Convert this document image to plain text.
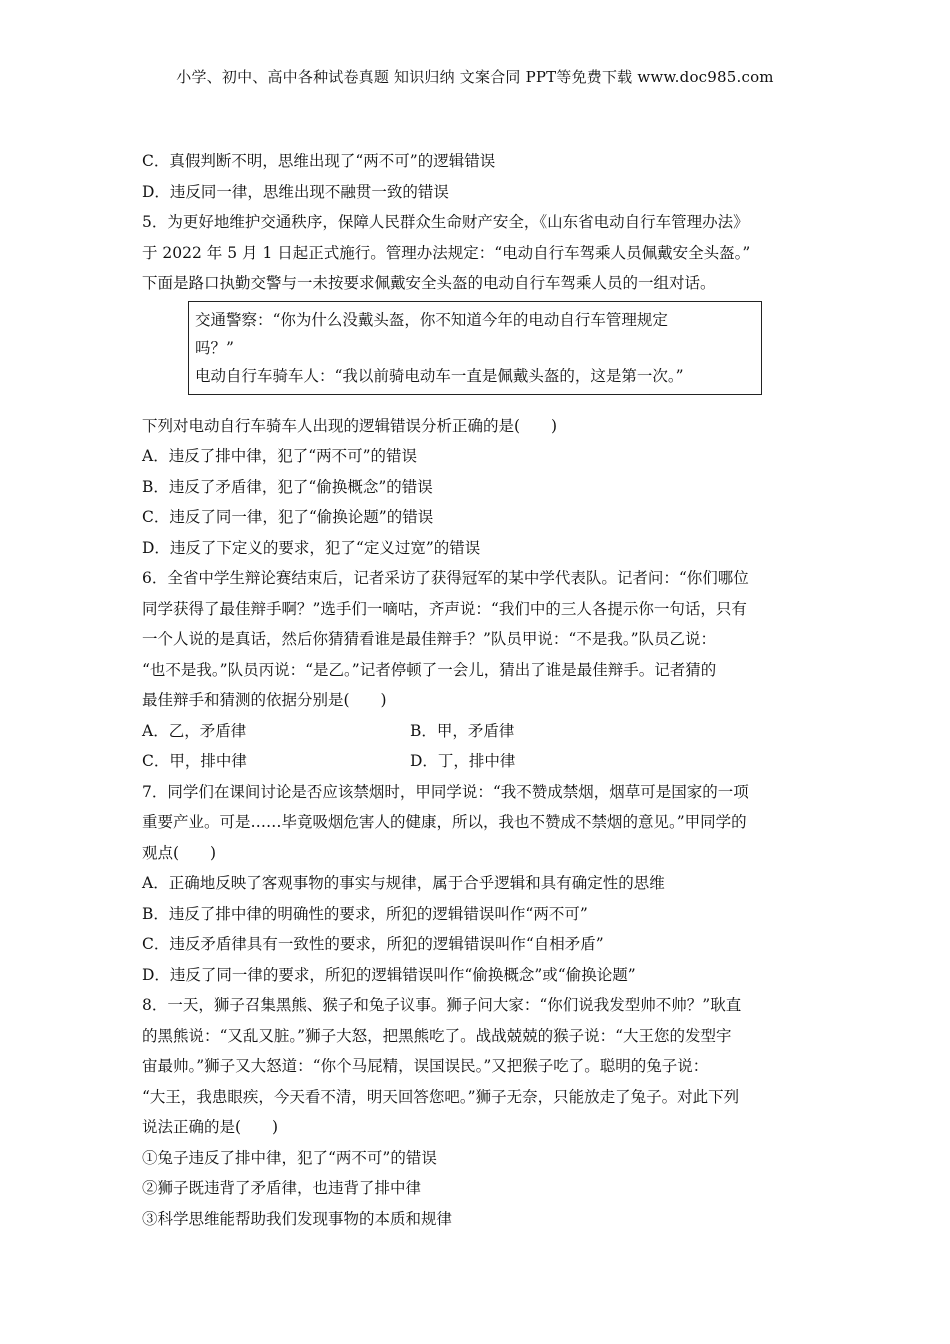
小学、初中、高中各种试卷真题 知识归纳 文案合同 PPT等免费下载 www.doc985.com
C．真假判断不明，思维出现了“两不可”的逻辑错误
D．违反同一律，思维出现不融贯一致的错误
5．为更好地维护交通秩序，保障人民群众生命财产安全，《山东省电动自行车管理办法》
于 2022 年 5 月 1 日起正式施行。管理办法规定：“电动自行车驾乘人员佩戴安全头盔。”
下面是路口执勤交警与一未按要求佩戴安全头盔的电动自行车驾乘人员的一组对话。
交通警察：“你为什么没戴头盔，你不知道今年的电动自行车管理规定
吗？”
电动自行车骑车人：“我以前骑电动车一直是佩戴头盔的，这是第一次。”
下列对电动自行车骑车人出现的逻辑错误分析正确的是(　　)
A．违反了排中律，犯了“两不可”的错误
B．违反了矛盾律，犯了“偷换概念”的错误
C．违反了同一律，犯了“偷换论题”的错误
D．违反了下定义的要求，犯了“定义过宽”的错误
6．全省中学生辩论赛结束后，记者采访了获得冠军的某中学代表队。记者问：“你们哪位
同学获得了最佳辩手啊？”选手们一嘀咕，齐声说：“我们中的三人各提示你一句话，只有
一个人说的是真话，然后你猜猜看谁是最佳辩手？”队员甲说：“不是我。”队员乙说：
“也不是我。”队员丙说：“是乙。”记者停顿了一会儿，猜出了谁是最佳辩手。记者猜的
最佳辩手和猜测的依据分别是(　　)
A．乙，矛盾律	B．甲，矛盾律
C．甲，排中律	D．丁，排中律
7．同学们在课间讨论是否应该禁烟时，甲同学说：“我不赞成禁烟，烟草可是国家的一项
重要产业。可是……毕竟吸烟危害人的健康，所以，我也不赞成不禁烟的意见。”甲同学的
观点(　　)
A．正确地反映了客观事物的事实与规律，属于合乎逻辑和具有确定性的思维
B．违反了排中律的明确性的要求，所犯的逻辑错误叫作“两不可”
C．违反矛盾律具有一致性的要求，所犯的逻辑错误叫作“自相矛盾”
D．违反了同一律的要求，所犯的逻辑错误叫作“偷换概念”或“偷换论题”
8．一天，狮子召集黑熊、猴子和兔子议事。狮子问大家：“你们说我发型帅不帅？”耿直
的黑熊说：“又乱又脏。”狮子大怒，把黑熊吃了。战战兢兢的猴子说：“大王您的发型宇
宙最帅。”狮子又大怒道：“你个马屁精，误国误民。”又把猴子吃了。聪明的兔子说：
“大王，我患眼疾，今天看不清，明天回答您吧。”狮子无奈，只能放走了兔子。对此下列
说法正确的是(　　)
①兔子违反了排中律，犯了“两不可”的错误
②狮子既违背了矛盾律，也违背了排中律
③科学思维能帮助我们发现事物的本质和规律
